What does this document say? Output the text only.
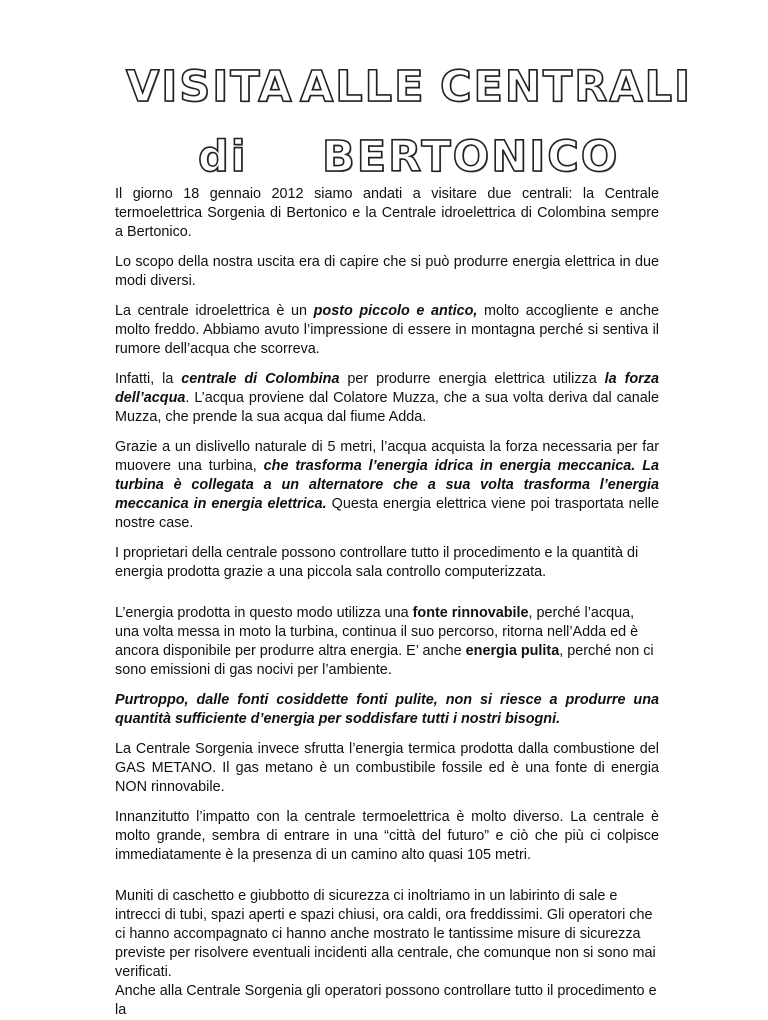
VISITA ALLE CENTRALI
di BERTONICO

Il giorno 18 gennaio 2012 siamo andati a visitare due centrali: la Centrale termoelettrica Sorgenia di Bertonico e la Centrale idroelettrica di Colombina sempre a Bertonico.

Lo scopo della nostra uscita era di capire che si può produrre energia elettrica in due modi diversi.

La centrale idroelettrica è un posto piccolo e antico, molto accogliente e anche molto freddo. Abbiamo avuto l’impressione di essere in montagna perché si sentiva il rumore dell’acqua che scorreva.

Infatti, la centrale di Colombina per produrre energia elettrica utilizza la forza dell’acqua. L’acqua proviene dal Colatore Muzza, che a sua volta deriva dal canale Muzza, che prende la sua acqua dal fiume Adda.

Grazie a un dislivello naturale di 5 metri, l’acqua acquista la forza necessaria per far muovere una turbina, che trasforma l’energia idrica in energia meccanica. La turbina è collegata a un alternatore che a sua volta trasforma l’energia meccanica in energia elettrica. Questa energia elettrica viene poi trasportata nelle nostre case.

I proprietari della centrale possono controllare tutto il procedimento e la quantità di energia prodotta grazie a una piccola sala controllo computerizzata.

L’energia prodotta in questo modo utilizza una fonte rinnovabile, perché l’acqua, una volta messa in moto la turbina, continua il suo percorso, ritorna nell’Adda ed è ancora disponibile per produrre altra energia. E’ anche energia pulita, perché non ci sono emissioni di gas nocivi per l’ambiente.

Purtroppo, dalle fonti cosiddette fonti pulite, non si riesce a produrre una quantità sufficiente d’energia per soddisfare tutti i nostri bisogni.

La Centrale Sorgenia invece sfrutta l’energia termica prodotta dalla combustione del GAS METANO. Il gas metano è un combustibile fossile ed è una fonte di energia NON rinnovabile.

Innanzitutto l’impatto con la centrale termoelettrica è molto diverso. La centrale è molto grande, sembra di entrare in una “città del futuro” e ciò che più ci colpisce immediatamente è la presenza di un camino alto quasi 105 metri.

Muniti di caschetto e giubbotto di sicurezza ci inoltriamo in un labirinto di sale e intrecci di tubi, spazi aperti e spazi chiusi, ora caldi, ora freddissimi. Gli operatori che ci hanno accompagnato ci hanno anche mostrato le tantissime misure di sicurezza previste per risolvere eventuali incidenti alla centrale, che comunque non si sono mai verificati.

Anche alla Centrale Sorgenia gli operatori possono controllare tutto il procedimento e la
